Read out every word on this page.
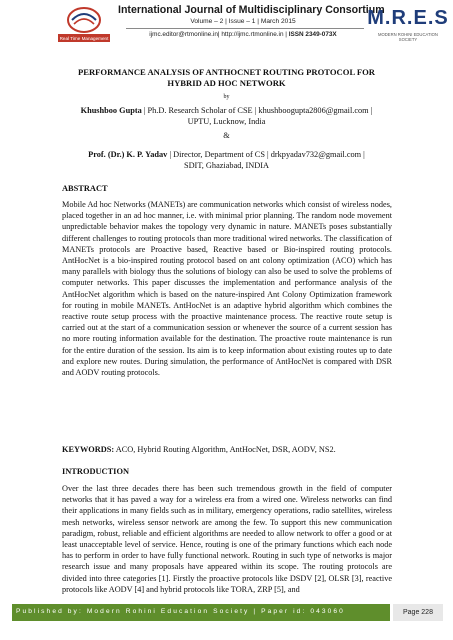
Real Time Management
International Journal of Multidisciplinary Consortium
Volume – 2 | Issue – 1 | March 2015
ijmc.editor@rtmonline.in| http://ijmc.rtmonline.in | ISSN 2349-073X
M.R.E.S
MODERN ROHINI EDUCATION SOCIETY
PERFORMANCE ANALYSIS OF ANTHOCNET ROUTING PROTOCOL FOR
HYBRID AD HOC NETWORK
by
Khushboo Gupta | Ph.D. Research Scholar of CSE | khushboogupta2806@gmail.com |
UPTU, Lucknow, India
&
Prof. (Dr.) K. P. Yadav | Director, Department of CS | drkpyadav732@gmail.com |
SDIT, Ghaziabad, INDIA
ABSTRACT
Mobile Ad hoc Networks (MANETs) are communication networks which consist of wireless nodes, placed together in an ad hoc manner, i.e. with minimal prior planning. The random node movement unpredictable behavior makes the topology very dynamic in nature. MANETs poses substantially different challenges to routing protocols than more traditional wired networks. The classification of MANETs protocols are Proactive based, Reactive based or Bio-inspired routing protocols. AntHocNet is a bio-inspired routing protocol based on ant colony optimization (ACO) which has many parallels with biology thus the solutions of biology can also be used to solve the problems of computer networks. This paper discusses the implementation and performance analysis of the AntHocNet algorithm which is based on the nature-inspired Ant Colony Optimization framework for routing in mobile MANETs. AntHocNet is an adaptive hybrid algorithm which combines the reactive route setup process with the proactive maintenance process. The reactive route setup is carried out at the start of a communication session or whenever the source of a current session has no more routing information available for the destination. The proactive route maintenance is run for the entire duration of the session. Its aim is to keep information about existing routes up to date and explore new routes. During simulation, the performance of AntHocNet is compared with DSR and AODV routing protocols.
KEYWORDS: ACO, Hybrid Routing Algorithm, AntHocNet, DSR, AODV, NS2.
INTRODUCTION
Over the last three decades there has been such tremendous growth in the field of computer networks that it has paved a way for a wireless era from a wired one. Wireless networks can find their applications in many fields such as in military, emergency operations, radio satellites, wireless mesh networks, wireless sensor network are among the few. To support this new communication paradigm, robust, reliable and efficient algorithms are needed to allow network to offer a good or at least unacceptable level of service. Hence, routing is one of the primary functions which each node has to perform in order to have fully functional network. Routing in such type of networks is major research issue and many proposals have appeared within its scope. The routing protocols are divided into three categories [1]. Firstly the proactive protocols like DSDV [2], OLSR [3], reactive protocols like AODV [4] and hybrid protocols like TORA, ZRP [5], and
Published by: Modern Rohini Education Society | Paper id: 043060	Page 228
